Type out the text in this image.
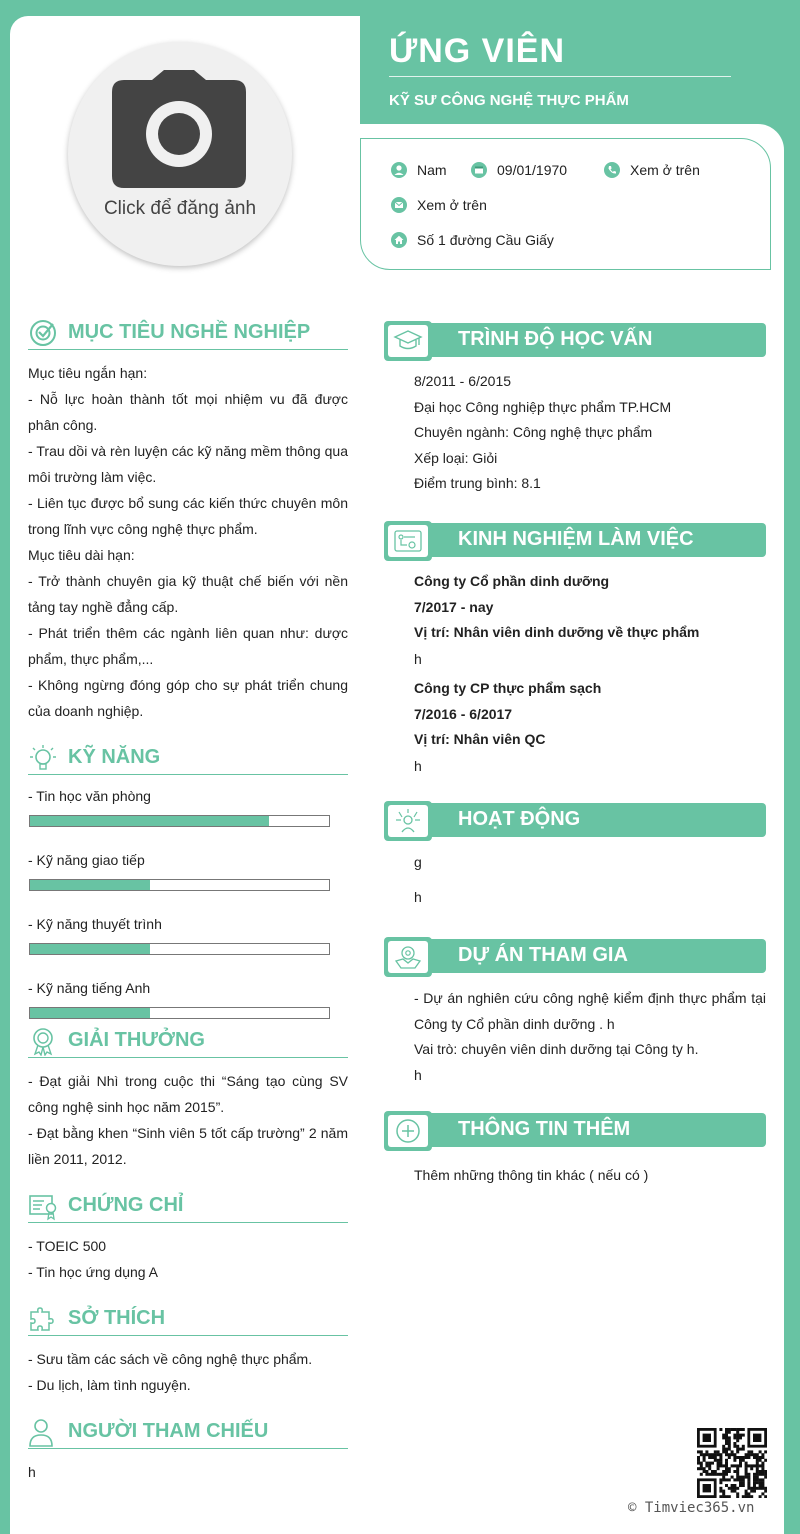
ỨNG VIÊN
KỸ SƯ CÔNG NGHỆ THỰC PHẨM
Click để đăng ảnh
Nam	09/01/1970	Xem ở trên
Xem ở trên
Số 1 đường Cầu Giấy
MỤC TIÊU NGHỀ NGHIỆP
Mục tiêu ngắn hạn:
- Nỗ lực hoàn thành tốt mọi nhiệm vu đã được phân công.
- Trau dồi và rèn luyện các kỹ năng mềm thông qua môi trường làm việc.
- Liên tục được bổ sung các kiến thức chuyên môn trong lĩnh vực công nghệ thực phẩm.
Mục tiêu dài hạn:
- Trở thành chuyên gia kỹ thuật chế biến với nền tảng tay nghề đẳng cấp.
- Phát triển thêm các ngành liên quan như: dược phẩm, thực phẩm,...
- Không ngừng đóng góp cho sự phát triển chung của doanh nghiệp.
KỸ NĂNG
- Tin học văn phòng
- Kỹ năng giao tiếp
- Kỹ năng thuyết trình
- Kỹ năng tiếng Anh
GIẢI THƯỞNG
- Đạt giải Nhì trong cuộc thi “Sáng tạo cùng SV công nghệ sinh học năm 2015”.
- Đạt bằng khen “Sinh viên 5 tốt cấp trường” 2 năm liền 2011, 2012.
CHỨNG CHỈ
- TOEIC 500
- Tin học ứng dụng A
SỞ THÍCH
- Sưu tầm các sách về công nghệ thực phẩm.
- Du lịch, làm tình nguyện.
NGƯỜI THAM CHIẾU
h
TRÌNH ĐỘ HỌC VẤN
8/2011 - 6/2015
Đại học Công nghiệp thực phẩm TP.HCM
Chuyên ngành: Công nghệ thực phẩm
Xếp loại: Giỏi
Điểm trung bình: 8.1
KINH NGHIỆM LÀM VIỆC
Công ty Cổ phần dinh dưỡng
7/2017 - nay
Vị trí: Nhân viên dinh dưỡng về thực phẩm
h
Công ty CP thực phẩm sạch
7/2016 - 6/2017
Vị trí: Nhân viên QC
h
HOẠT ĐỘNG
g
h
DỰ ÁN THAM GIA
- Dự án nghiên cứu công nghệ kiểm định thực phẩm tại Công ty Cổ phần dinh dưỡng . h
Vai trò: chuyên viên dinh dưỡng tại Công ty h.
h
THÔNG TIN THÊM
Thêm những thông tin khác ( nếu có )
© Timviec365.vn
